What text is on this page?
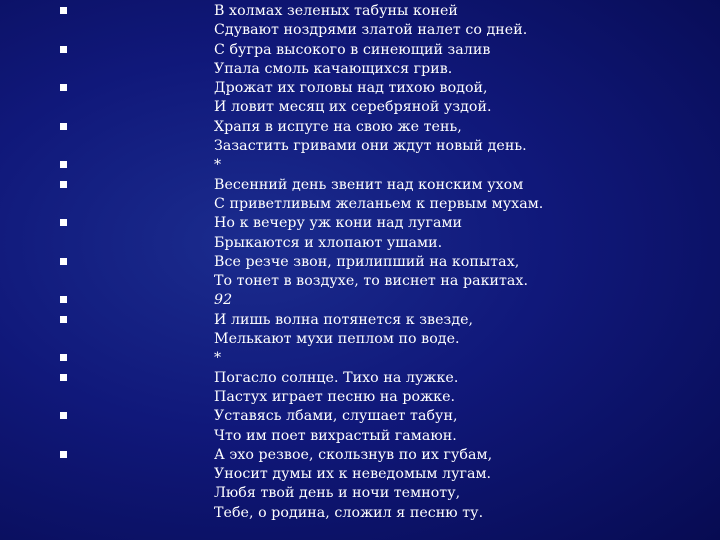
В холмах зеленых табуны коней
Сдувают ноздрями златой налет со дней.
С бугра высокого в синеющий залив
Упала смоль качающихся грив.
Дрожат их головы над тихою водой,
И ловит месяц их серебряной уздой.
Храпя в испуге на свою же тень,
Зазастить гривами они ждут новый день.
*
Весенний день звенит над конским ухом
С приветливым желаньем к первым мухам.
Но к вечеру уж кони над лугами
Брыкаются и хлопают ушами.
Все резче звон, прилипший на копытах,
То тонет в воздухе, то виснет на ракитах.
92
И лишь волна потянется к звезде,
Мелькают мухи пеплом по воде.
*
Погасло солнце. Тихо на лужке.
Пастух играет песню на рожке.
Уставясь лбами, слушает табун,
Что им поет вихрастый гамаюн.
А эхо резвое, скользнув по их губам,
Уносит думы их к неведомым лугам.
Любя твой день и ночи темноту,
Тебе, о родина, сложил я песню ту.
